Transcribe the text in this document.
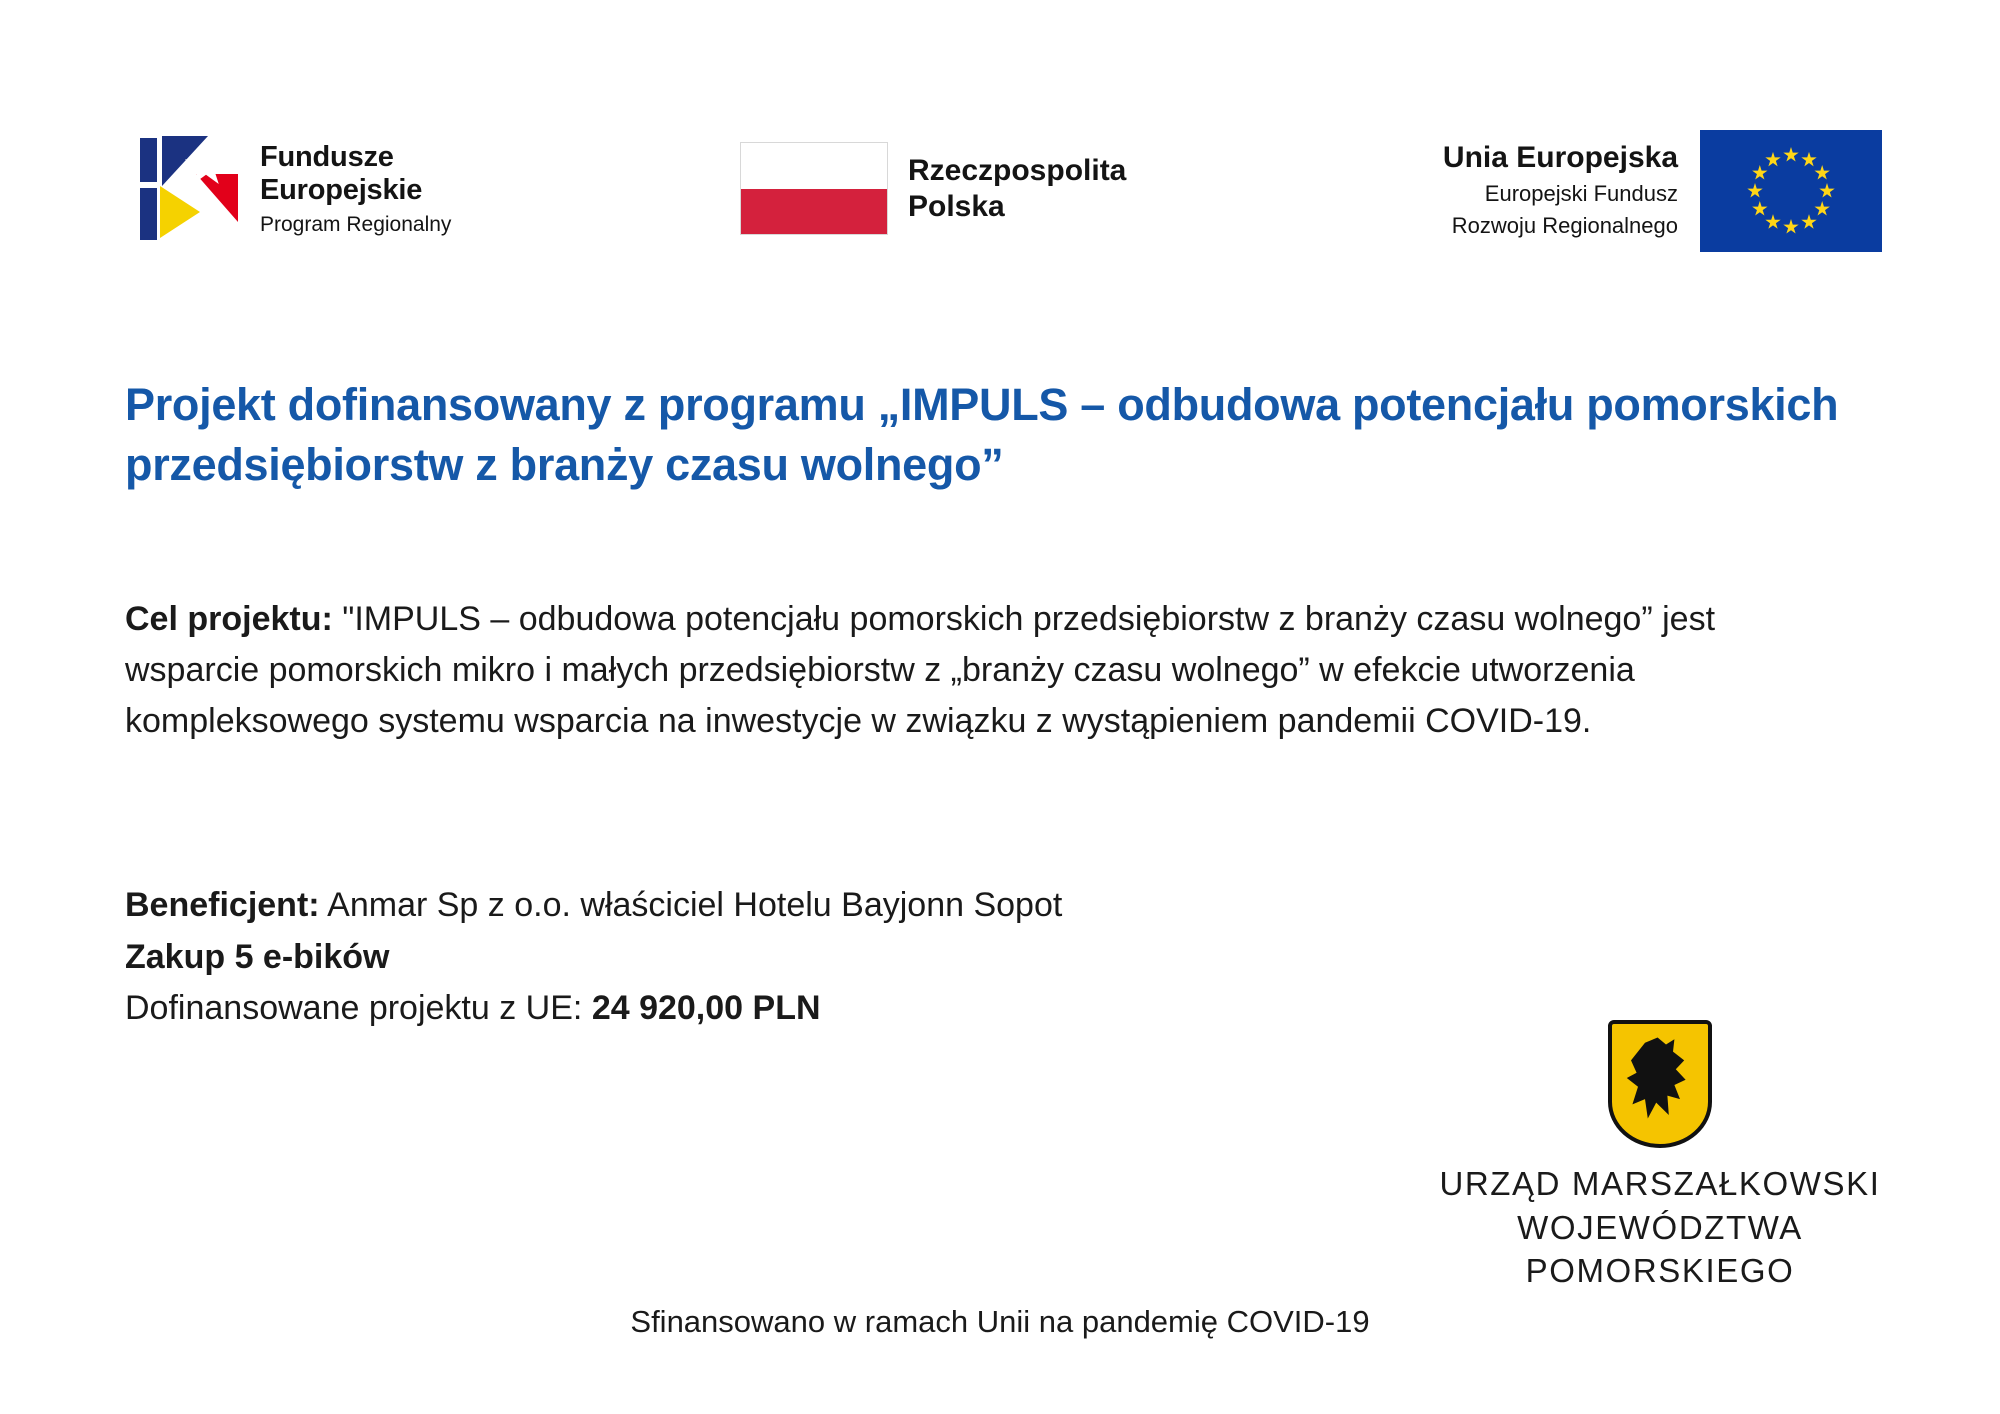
Fundusze
Europejskie
Program Regionalny
Rzeczpospolita
Polska
Unia Europejska
Europejski Fundusz
Rozwoju Regionalnego
Projekt dofinansowany z programu „IMPULS – odbudowa potencjału pomorskich przedsiębiorstw z branży czasu wolnego”

Cel projektu: "IMPULS – odbudowa potencjału pomorskich przedsiębiorstw z branży czasu wolnego” jest wsparcie pomorskich mikro i małych przedsiębiorstw z „branży czasu wolnego” w efekcie utworzenia kompleksowego systemu wsparcia na inwestycje w związku z wystąpieniem pandemii COVID-19.

Beneficjent: Anmar Sp z o.o. właściciel Hotelu Bayjonn Sopot
Zakup 5 e-bików
Dofinansowane projektu z UE: 24 920,00 PLN
URZĄD MARSZAŁKOWSKI
WOJEWÓDZTWA POMORSKIEGO
Sfinansowano w ramach Unii na pandemię COVID-19
